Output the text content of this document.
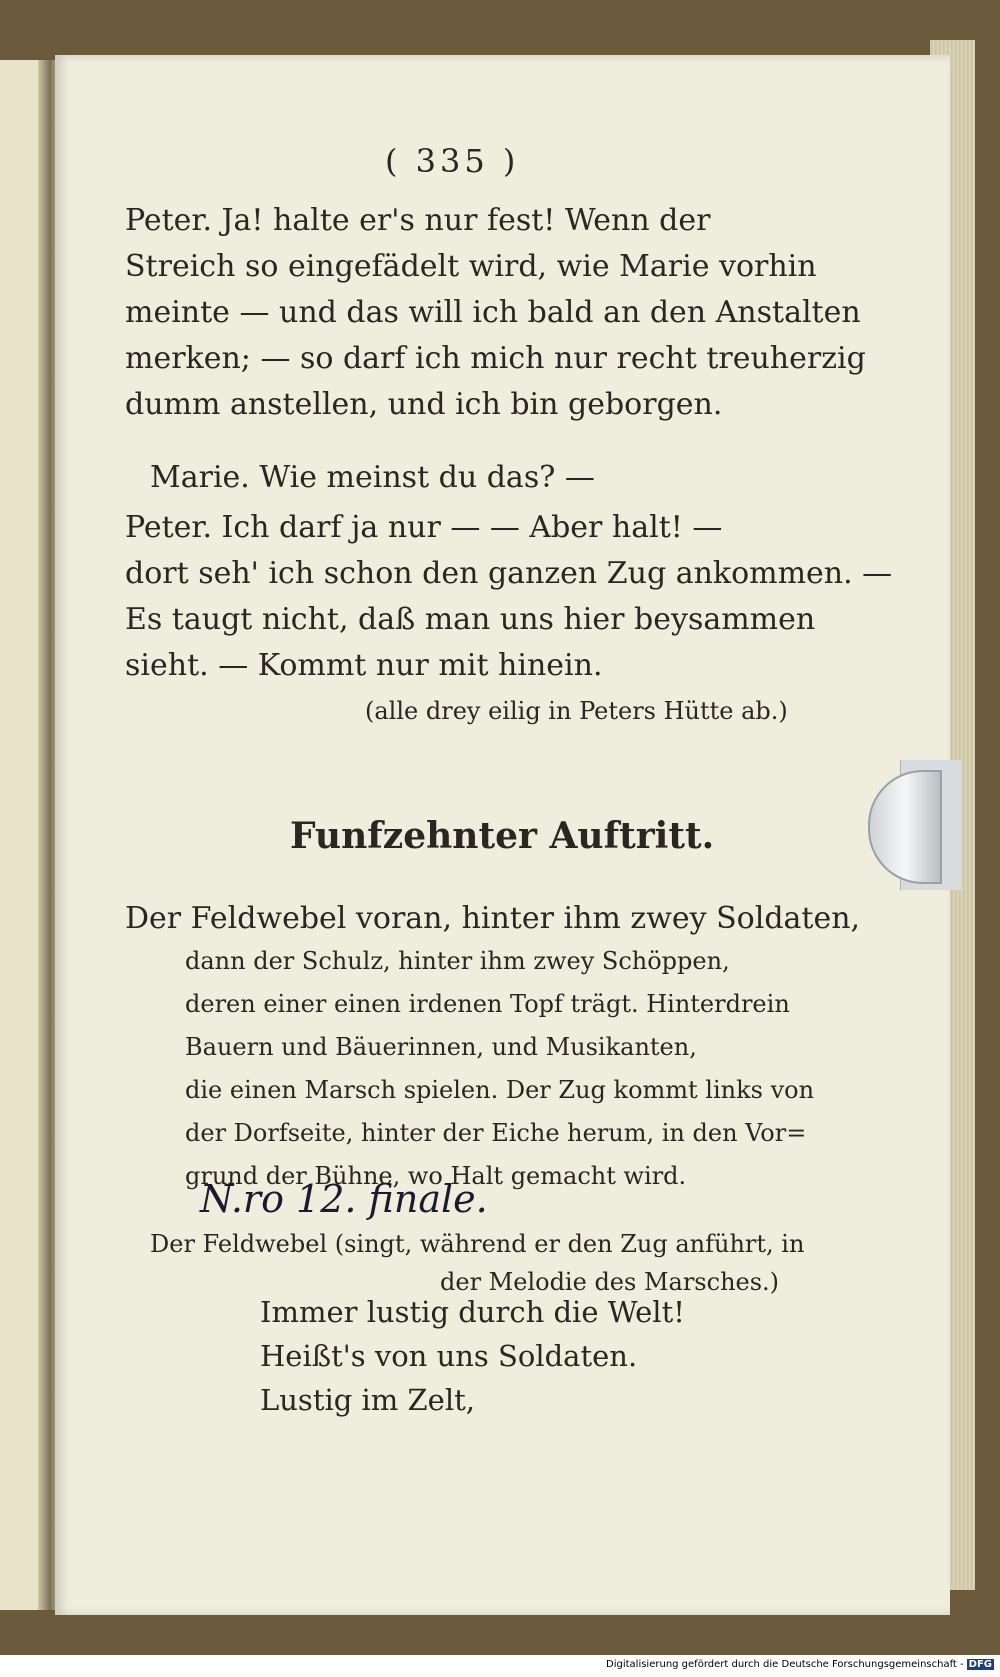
( 335 )
Peter. Ja! halte er's nur fest! Wenn der
Streich so eingefädelt wird, wie Marie vorhin
meinte — und das will ich bald an den Anstalten
merken; — so darf ich mich nur recht treuherzig
dumm anstellen, und ich bin geborgen.
Marie. Wie meinst du das? —
Peter. Ich darf ja nur — — Aber halt! —
dort seh' ich schon den ganzen Zug ankommen. —
Es taugt nicht, daß man uns hier beysammen
sieht. — Kommt nur mit hinein.
(alle drey eilig in Peters Hütte ab.)
Funfzehnter Auftritt.
Der Feldwebel voran, hinter ihm zwey Soldaten,
dann der Schulz, hinter ihm zwey Schöppen,
deren einer einen irdenen Topf trägt. Hinterdrein
Bauern und Bäuerinnen, und Musikanten,
die einen Marsch spielen. Der Zug kommt links von
der Dorfseite, hinter der Eiche herum, in den Vor=
grund der Bühne, wo Halt gemacht wird.
N.ro 12. finale.
Der Feldwebel (singt, während er den Zug anführt, in
der Melodie des Marsches.)
Immer lustig durch die Welt!
Heißt's von uns Soldaten.
Lustig im Zelt,
Digitalisierung gefördert durch die Deutsche Forschungsgemeinschaft - DFG
